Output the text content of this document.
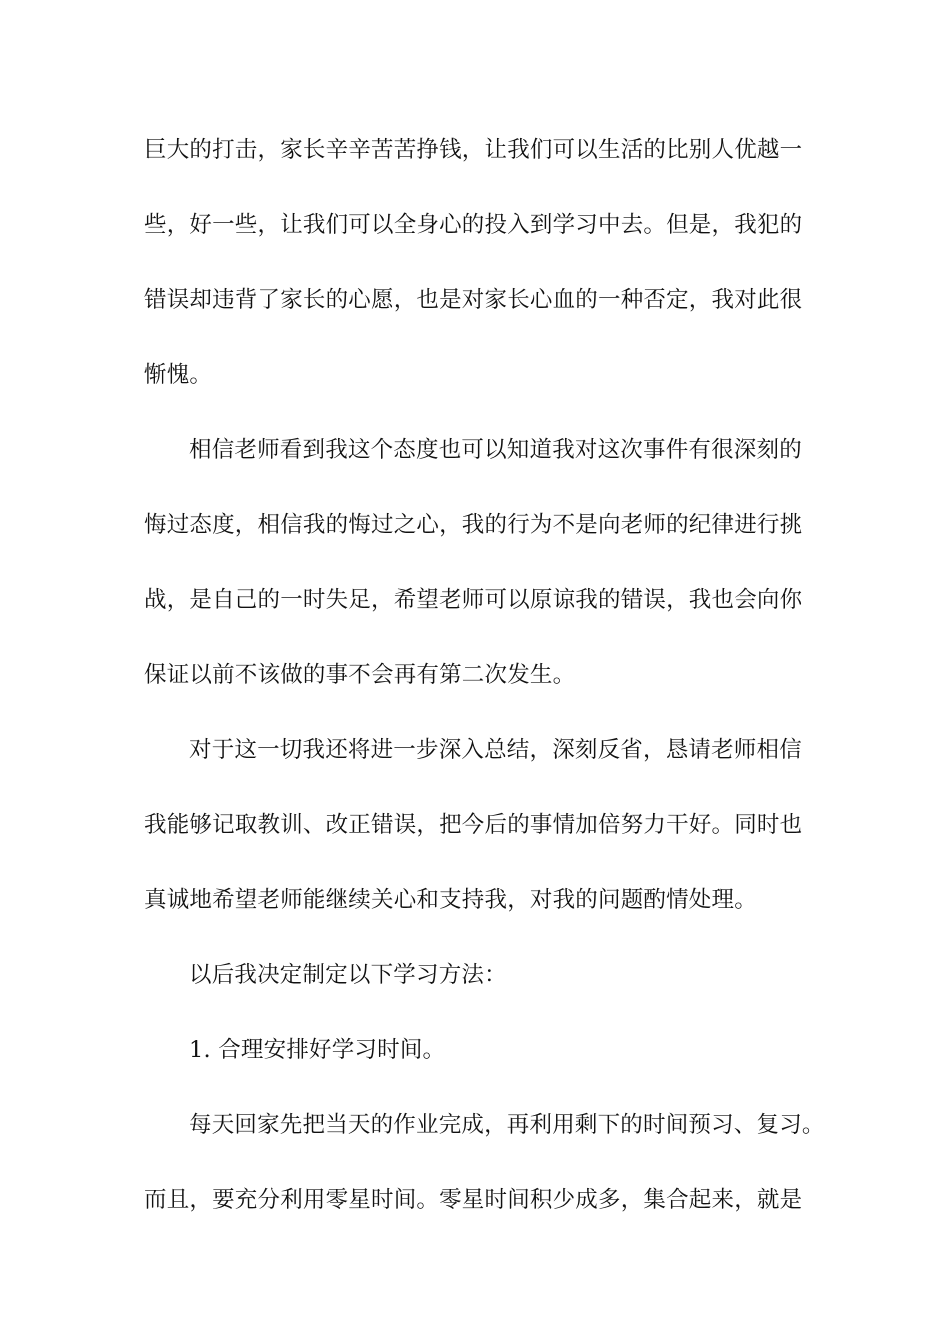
巨大的打击，家长辛辛苦苦挣钱，让我们可以生活的比别人优越一
些，好一些，让我们可以全身心的投入到学习中去。但是，我犯的
错误却违背了家长的心愿，也是对家长心血的一种否定，我对此很
惭愧。
相信老师看到我这个态度也可以知道我对这次事件有很深刻的
悔过态度，相信我的悔过之心，我的行为不是向老师的纪律进行挑
战，是自己的一时失足，希望老师可以原谅我的错误，我也会向你
保证以前不该做的事不会再有第二次发生。
对于这一切我还将进一步深入总结，深刻反省，恳请老师相信
我能够记取教训、改正错误，把今后的事情加倍努力干好。同时也
真诚地希望老师能继续关心和支持我，对我的问题酌情处理。
以后我决定制定以下学习方法：
1. 合理安排好学习时间。
每天回家先把当天的作业完成，再利用剩下的时间预习、复习。
而且，要充分利用零星时间。零星时间积少成多，集合起来，就是
